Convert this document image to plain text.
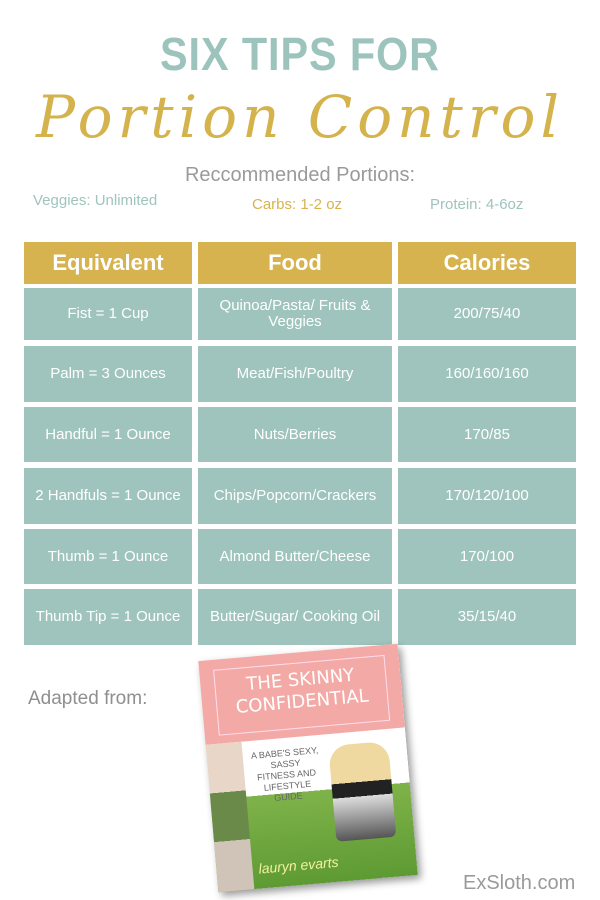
SIX TIPS FOR
Portion Control
Reccommended Portions:
Veggies: Unlimited	Carbs: 1-2 oz	Protein: 4-6oz
Equivalent	Food	Calories
Fist = 1 Cup	Quinoa/Pasta/ Fruits & Veggies	200/75/40
Palm = 3 Ounces	Meat/Fish/Poultry	160/160/160
Handful = 1 Ounce	Nuts/Berries	170/85
2 Handfuls = 1 Ounce	Chips/Popcorn/Crackers	170/120/100
Thumb = 1 Ounce	Almond Butter/Cheese	170/100
Thumb Tip = 1 Ounce	Butter/Sugar/ Cooking Oil	35/15/40
Adapted from:
THE SKINNY CONFIDENTIAL
A BABE'S SEXY, SASSY FITNESS AND LIFESTYLE GUIDE
lauryn evarts
ExSloth.com
